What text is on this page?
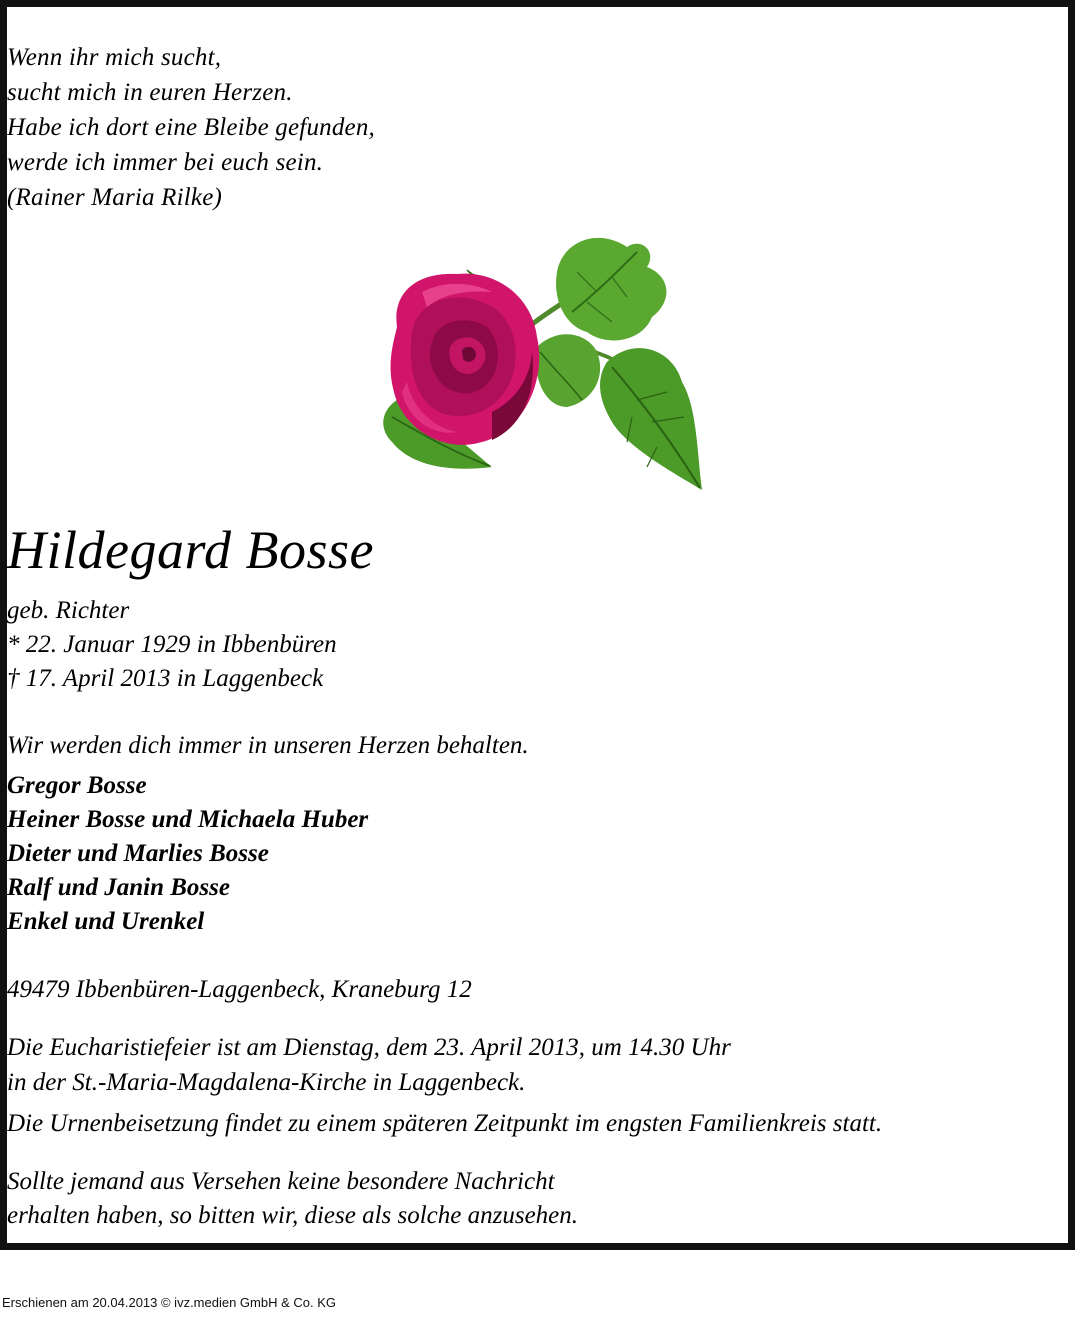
Wenn ihr mich sucht,
sucht mich in euren Herzen.
Habe ich dort eine Bleibe gefunden,
werde ich immer bei euch sein.
(Rainer Maria Rilke)
Hildegard Bosse
geb. Richter
* 22. Januar 1929 in Ibbenbüren
† 17. April 2013 in Laggenbeck
Wir werden dich immer in unseren Herzen behalten.
Gregor Bosse
Heiner Bosse und Michaela Huber
Dieter und Marlies Bosse
Ralf und Janin Bosse
Enkel und Urenkel
49479 Ibbenbüren-Laggenbeck, Kraneburg 12
Die Eucharistiefeier ist am Dienstag, dem 23. April 2013, um 14.30 Uhr
in der St.-Maria-Magdalena-Kirche in Laggenbeck.
Die Urnenbeisetzung findet zu einem späteren Zeitpunkt im engsten Familienkreis statt.
Sollte jemand aus Versehen keine besondere Nachricht
erhalten haben, so bitten wir, diese als solche anzusehen.
Erschienen am 20.04.2013 © ivz.medien GmbH & Co. KG
